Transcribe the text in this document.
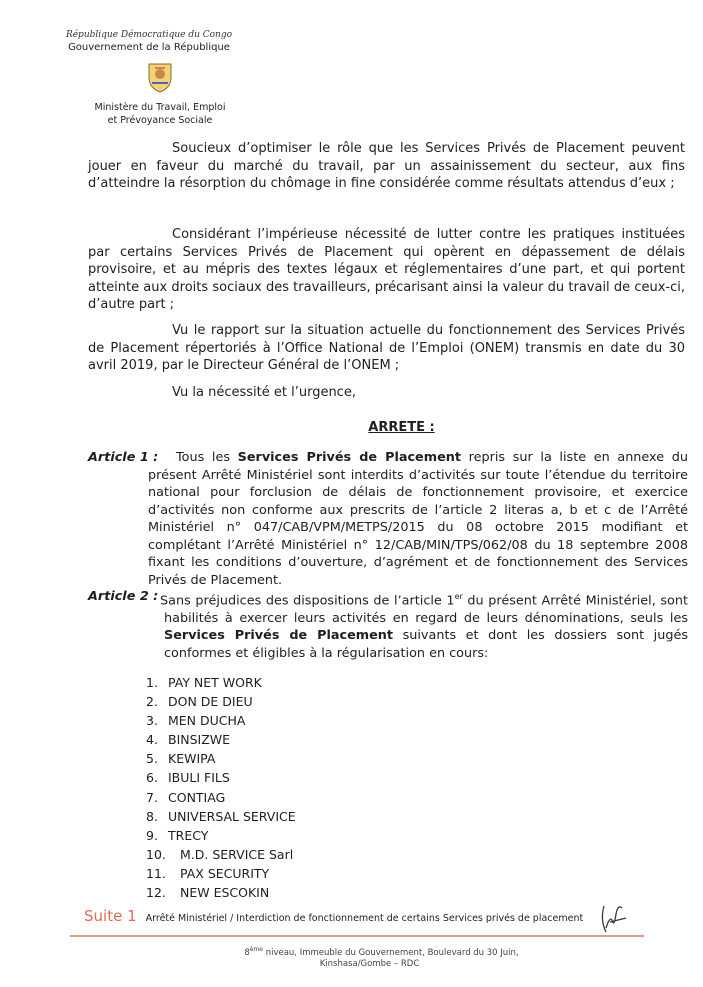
République Démocratique du Congo
Gouvernement de la République
Ministère du Travail, Emploi
et Prévoyance Sociale

Soucieux d’optimiser le rôle que les Services Privés de Placement peuvent jouer en faveur du marché du travail, par un assainissement du secteur, aux fins d’atteindre la résorption du chômage in fine considérée comme résultats attendus d’eux ;

Considérant l’impérieuse nécessité de lutter contre les pratiques instituées par certains Services Privés de Placement qui opèrent en dépassement de délais provisoire, et au mépris des textes légaux et réglementaires d’une part, et qui portent atteinte aux droits sociaux des travailleurs, précarisant ainsi la valeur du travail de ceux-ci, d’autre part ;

Vu le rapport sur la situation actuelle du fonctionnement des Services Privés de Placement répertoriés à l’Office National de l’Emploi (ONEM) transmis en date du 30 avril 2019, par le Directeur Général de l’ONEM ;

Vu la nécessité et l’urgence,

ARRETE :
Article 1 :	Tous les Services Privés de Placement repris sur la liste en annexe du présent Arrêté Ministériel sont interdits d’activités sur toute l’étendue du territoire national pour forclusion de délais de fonctionnement provisoire, et exercice d’activités non conforme aux prescrits de l’article 2 literas a, b et c de l’Arrêté Ministériel n° 047/CAB/VPM/METPS/2015 du 08 octobre 2015 modifiant et complétant l’Arrêté Ministériel n° 12/CAB/MIN/TPS/062/08 du 18 septembre 2008 fixant les conditions d’ouverture, d’agrément et de fonctionnement des Services Privés de Placement.
Article 2 : Sans préjudices des dispositions de l’article 1er du présent Arrêté Ministériel, sont habilités à exercer leurs activités en regard de leurs dénominations, seuls les Services Privés de Placement suivants et dont les dossiers sont jugés conformes et éligibles à la régularisation en cours:
1. PAY NET WORK
2. DON DE DIEU
3. MEN DUCHA
4. BINSIZWE
5. KEWIPA
6. IBULI FILS
7. CONTIAG
8. UNIVERSAL SERVICE
9. TRECY
10. M.D. SERVICE Sarl
11. PAX SECURITY
12. NEW ESCOKIN
Suite 1 Arrêté Ministériel / Interdiction de fonctionnement de certains Services privés de placement
8ème niveau, Immeuble du Gouvernement, Boulevard du 30 Juin,
Kinshasa/Gombe – RDC
